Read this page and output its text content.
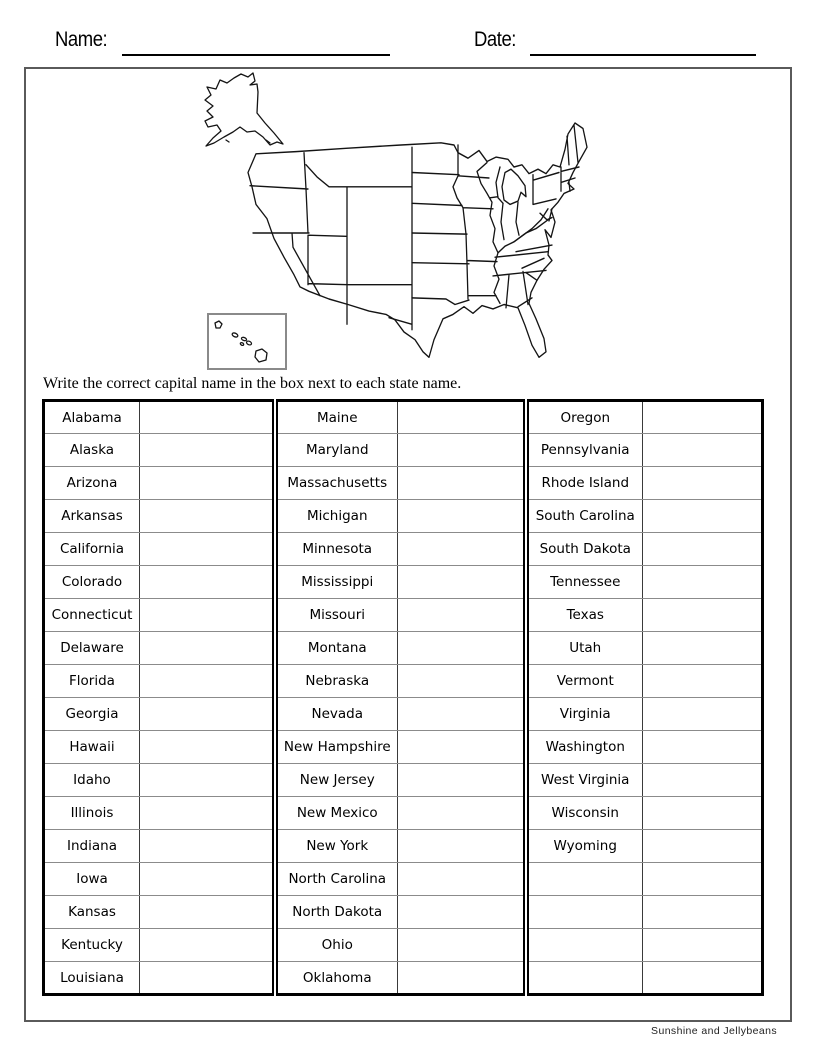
Name:	Date:

Write the correct capital name in the box next to each state name.

Alabama		Maine		Oregon	
Alaska		Maryland		Pennsylvania	
Arizona		Massachusetts		Rhode Island	
Arkansas		Michigan		South Carolina	
California		Minnesota		South Dakota	
Colorado		Mississippi		Tennessee	
Connecticut		Missouri		Texas	
Delaware		Montana		Utah	
Florida		Nebraska		Vermont	
Georgia		Nevada		Virginia	
Hawaii		New Hampshire		Washington	
Idaho		New Jersey		West Virginia	
Illinois		New Mexico		Wisconsin	
Indiana		New York		Wyoming	
Iowa		North Carolina			
Kansas		North Dakota			
Kentucky		Ohio			
Louisiana		Oklahoma			
Sunshine and Jellybeans
